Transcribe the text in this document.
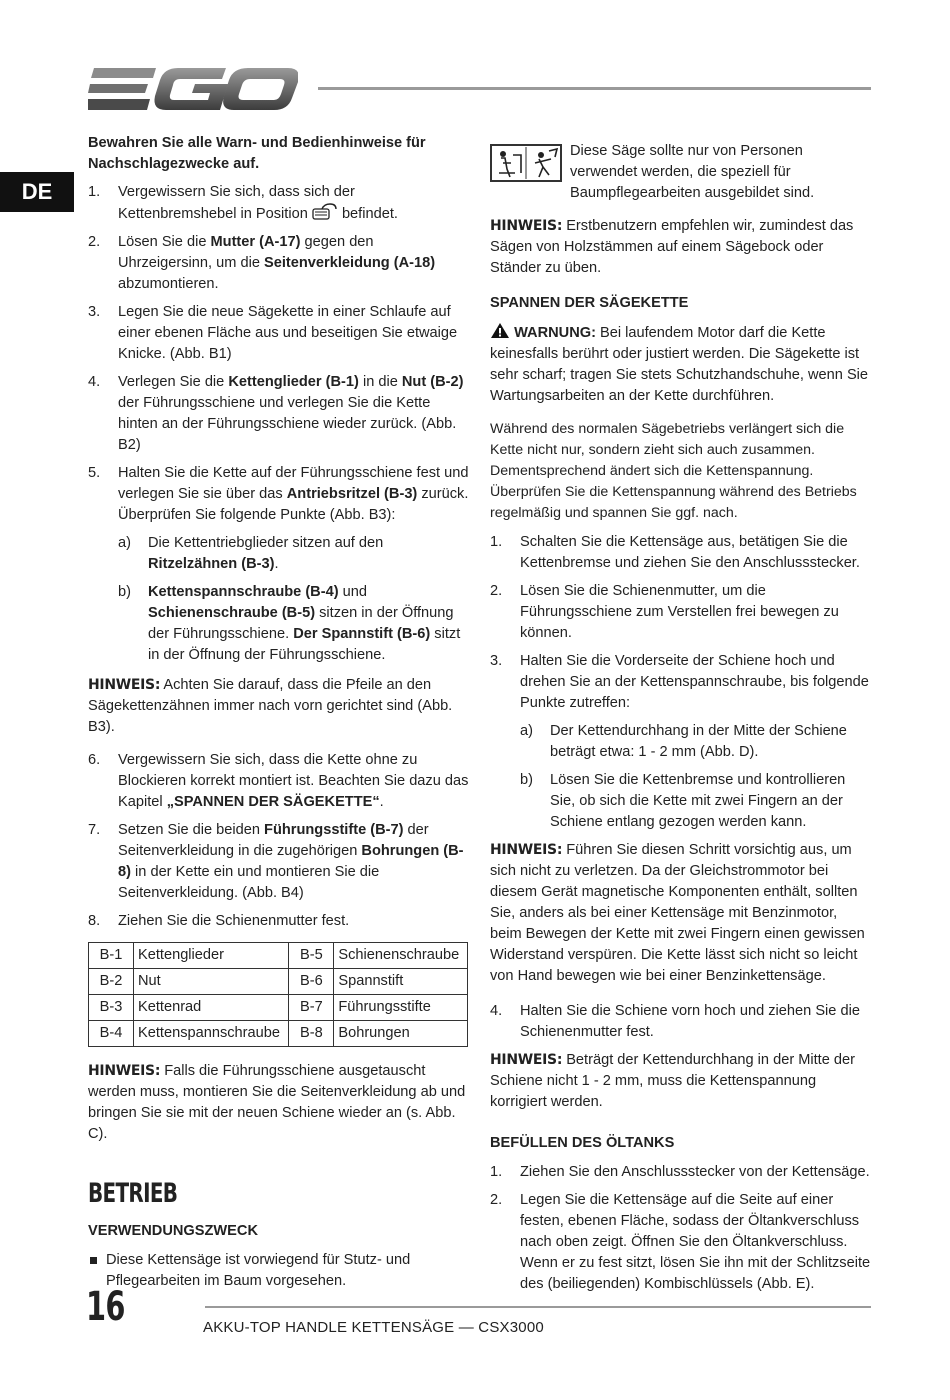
DE

Bewahren Sie alle Warn- und Bedienhinweise für Nachschlagezwecke auf.

1. Vergewissern Sie sich, dass sich der Kettenbremshebel in Position  befindet.
2. Lösen Sie die Mutter (A-17) gegen den Uhrzeigersinn, um die Seitenverkleidung (A-18) abzumontieren.
3. Legen Sie die neue Sägekette in einer Schlaufe auf einer ebenen Fläche aus und beseitigen Sie etwaige Knicke. (Abb. B1)
4. Verlegen Sie die Kettenglieder (B-1) in die Nut (B-2) der Führungsschiene und verlegen Sie die Kette hinten an der Führungsschiene wieder zurück. (Abb. B2)
5. Halten Sie die Kette auf der Führungsschiene fest und verlegen Sie sie über das Antriebsritzel (B-3) zurück. Überprüfen Sie folgende Punkte (Abb. B3):
a) Die Kettentriebglieder sitzen auf den Ritzelzähnen (B-3).
b) Kettenspannschraube (B-4) und Schienenschraube (B-5) sitzen in der Öffnung der Führungsschiene. Der Spannstift (B-6) sitzt in der Öffnung der Führungsschiene.

HINWEIS: Achten Sie darauf, dass die Pfeile an den Sägekettenzähnen immer nach vorn gerichtet sind (Abb. B3).

6. Vergewissern Sie sich, dass die Kette ohne zu Blockieren korrekt montiert ist. Beachten Sie dazu das Kapitel „SPANNEN DER SÄGEKETTE“.
7. Setzen Sie die beiden Führungsstifte (B-7) der Seitenverkleidung in die zugehörigen Bohrungen (B-8) in der Kette ein und montieren Sie die Seitenverkleidung. (Abb. B4)
8. Ziehen Sie die Schienenmutter fest.
B-1	Kettenglieder	B-5	Schienenschraube
B-2	Nut	B-6	Spannstift
B-3	Kettenrad	B-7	Führungsstifte
B-4	Kettenspannschraube	B-8	Bohrungen

HINWEIS: Falls die Führungsschiene ausgetauscht werden muss, montieren Sie die Seitenverkleidung ab und bringen Sie sie mit der neuen Schiene wieder an (s. Abb. C).

BETRIEB
VERWENDUNGSZWECK
Diese Kettensäge ist vorwiegend für Stutz- und Pflegearbeiten im Baum vorgesehen.

Diese Säge sollte nur von Personen verwendet werden, die speziell für Baumpflegearbeiten ausgebildet sind.

HINWEIS: Erstbenutzern empfehlen wir, zumindest das Sägen von Holzstämmen auf einem Sägebock oder Ständer zu üben.

SPANNEN DER SÄGEKETTE

WARNUNG: Bei laufendem Motor darf die Kette keinesfalls berührt oder justiert werden. Die Sägekette ist sehr scharf; tragen Sie stets Schutzhandschuhe, wenn Sie Wartungsarbeiten an der Kette durchführen.

Während des normalen Sägebetriebs verlängert sich die Kette nicht nur, sondern zieht sich auch zusammen. Dementsprechend ändert sich die Kettenspannung. Überprüfen Sie die Kettenspannung während des Betriebs regelmäßig und spannen Sie ggf. nach.

1. Schalten Sie die Kettensäge aus, betätigen Sie die Kettenbremse und ziehen Sie den Anschlussstecker.
2. Lösen Sie die Schienenmutter, um die Führungsschiene zum Verstellen frei bewegen zu können.
3. Halten Sie die Vorderseite der Schiene hoch und drehen Sie an der Kettenspannschraube, bis folgende Punkte zutreffen:
a) Der Kettendurchhang in der Mitte der Schiene beträgt etwa: 1 - 2 mm (Abb. D).
b) Lösen Sie die Kettenbremse und kontrollieren Sie, ob sich die Kette mit zwei Fingern an der Schiene entlang gezogen werden kann.

HINWEIS: Führen Sie diesen Schritt vorsichtig aus, um sich nicht zu verletzen. Da der Gleichstrommotor bei diesem Gerät magnetische Komponenten enthält, sollten Sie, anders als bei einer Kettensäge mit Benzinmotor, beim Bewegen der Kette mit zwei Fingern einen gewissen Widerstand verspüren. Die Kette lässt sich nicht so leicht von Hand bewegen wie bei einer Benzinkettensäge.

4. Halten Sie die Schiene vorn hoch und ziehen Sie die Schienenmutter fest.

HINWEIS: Beträgt der Kettendurchhang in der Mitte der Schiene nicht 1 - 2 mm, muss die Kettenspannung korrigiert werden.

BEFÜLLEN DES ÖLTANKS
1. Ziehen Sie den Anschlussstecker von der Kettensäge.
2. Legen Sie die Kettensäge auf die Seite auf einer festen, ebenen Fläche, sodass der Öltankverschluss nach oben zeigt. Öffnen Sie den Öltankverschluss. Wenn er zu fest sitzt, lösen Sie ihn mit der Schlitzseite des (beiliegenden) Kombischlüssels (Abb. E).
16	AKKU-TOP HANDLE KETTENSÄGE — CSX3000
